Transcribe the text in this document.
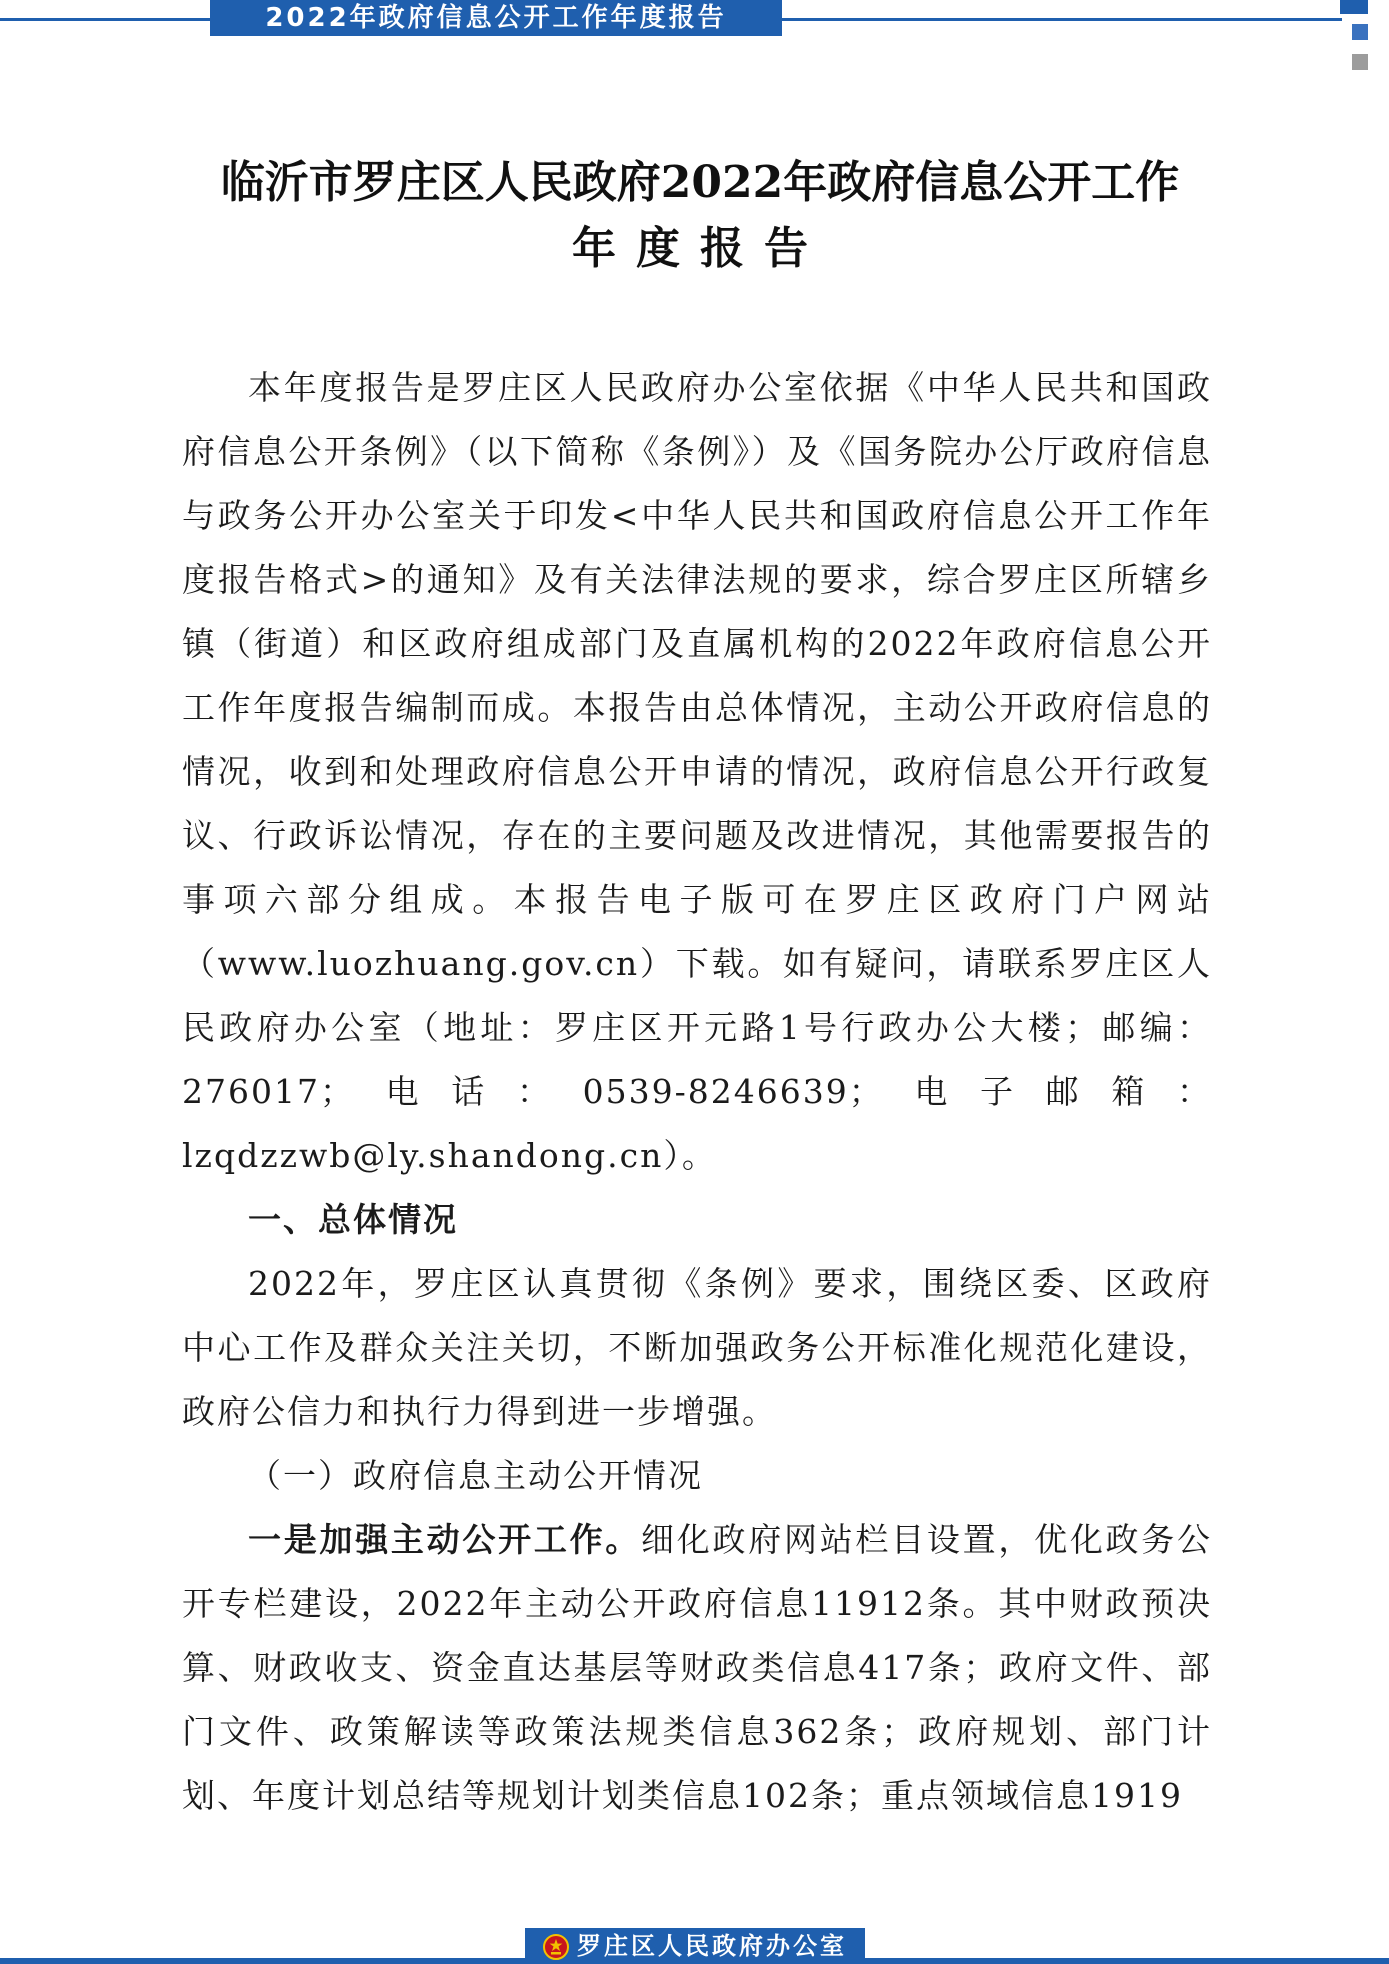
2022年政府信息公开工作年度报告
临沂市罗庄区人民政府2022年政府信息公开工作
年度报告

本年度报告是罗庄区人民政府办公室依据《中华人民共和国政府信息公开条例》（以下简称《条例》）及《国务院办公厅政府信息与政务公开办公室关于印发<中华人民共和国政府信息公开工作年度报告格式>的通知》及有关法律法规的要求，综合罗庄区所辖乡镇（街道）和区政府组成部门及直属机构的2022年政府信息公开工作年度报告编制而成。本报告由总体情况，主动公开政府信息的情况，收到和处理政府信息公开申请的情况，政府信息公开行政复议、行政诉讼情况，存在的主要问题及改进情况，其他需要报告的事项六部分组成。本报告电子版可在罗庄区政府门户网站（www.luozhuang.gov.cn）下载。如有疑问，请联系罗庄区人民政府办公室（地址：罗庄区开元路1号行政办公大楼；邮编：276017；电话：0539-8246639；电子邮箱：lzqdzzwb@ly.shandong.cn）。

一、总体情况

2022年，罗庄区认真贯彻《条例》要求，围绕区委、区政府中心工作及群众关注关切，不断加强政务公开标准化规范化建设，政府公信力和执行力得到进一步增强。

（一）政府信息主动公开情况

一是加强主动公开工作。细化政府网站栏目设置，优化政务公开专栏建设，2022年主动公开政府信息11912条。其中财政预决算、财政收支、资金直达基层等财政类信息417条；政府文件、部门文件、政策解读等政策法规类信息362条；政府规划、部门计划、年度计划总结等规划计划类信息102条；重点领域信息1919

罗庄区人民政府办公室
